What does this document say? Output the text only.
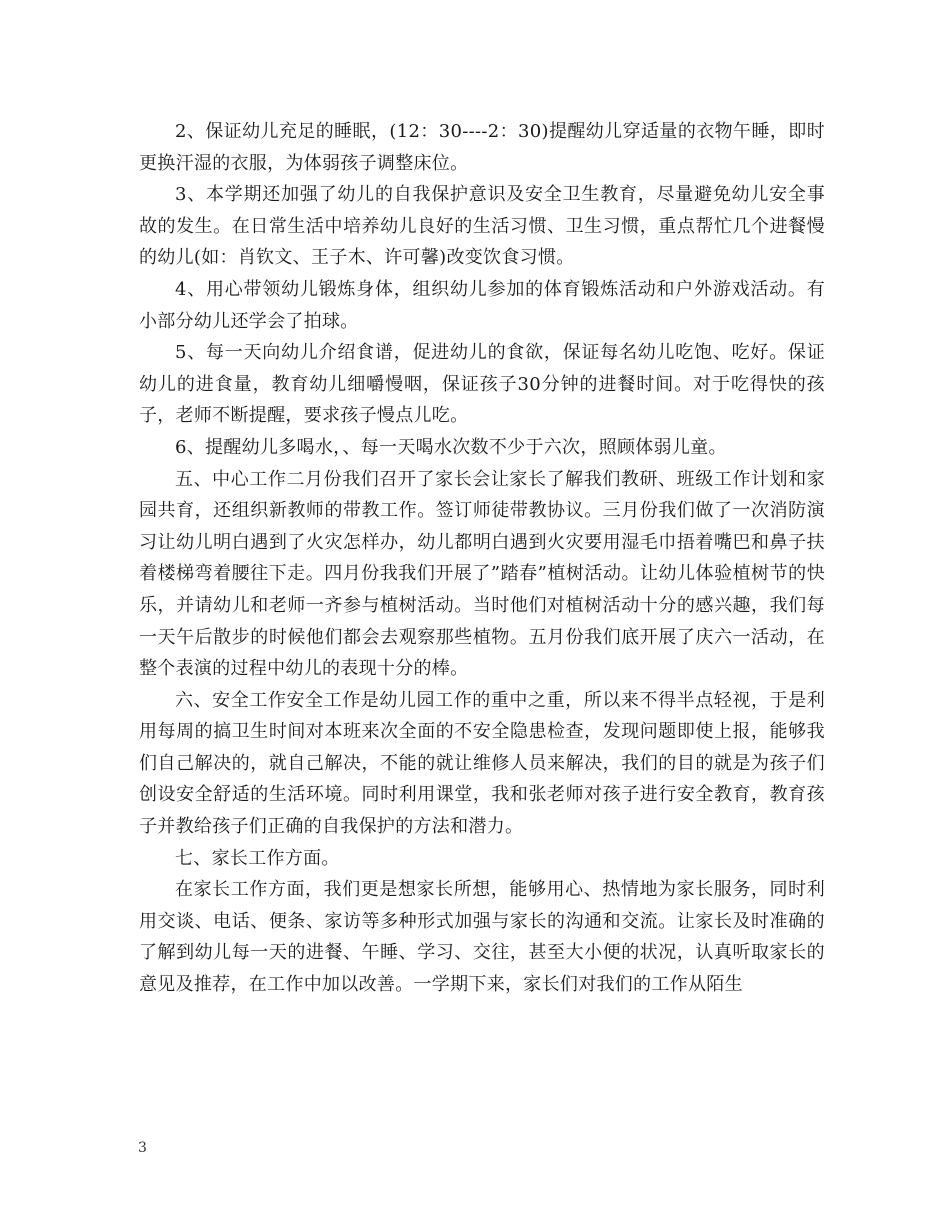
2、保证幼儿充足的睡眠，(12：30----2：30)提醒幼儿穿适量的衣物午睡，即时更换汗湿的衣服，为体弱孩子调整床位。

3、本学期还加强了幼儿的自我保护意识及安全卫生教育，尽量避免幼儿安全事故的发生。在日常生活中培养幼儿良好的生活习惯、卫生习惯，重点帮忙几个进餐慢的幼儿(如：肖钦文、王子木、许可馨)改变饮食习惯。

4、用心带领幼儿锻炼身体，组织幼儿参加的体育锻炼活动和户外游戏活动。有小部分幼儿还学会了拍球。

5、每一天向幼儿介绍食谱，促进幼儿的食欲，保证每名幼儿吃饱、吃好。保证幼儿的进食量，教育幼儿细嚼慢咽，保证孩子30分钟的进餐时间。对于吃得快的孩子，老师不断提醒，要求孩子慢点儿吃。

6、提醒幼儿多喝水，、每一天喝水次数不少于六次，照顾体弱儿童。

五、中心工作二月份我们召开了家长会让家长了解我们教研、班级工作计划和家园共育，还组织新教师的带教工作。签订师徒带教协议。三月份我们做了一次消防演习让幼儿明白遇到了火灾怎样办，幼儿都明白遇到火灾要用湿毛巾捂着嘴巴和鼻子扶着楼梯弯着腰往下走。四月份我我们开展了”踏春”植树活动。让幼儿体验植树节的快乐，并请幼儿和老师一齐参与植树活动。当时他们对植树活动十分的感兴趣，我们每一天午后散步的时候他们都会去观察那些植物。五月份我们底开展了庆六一活动，在整个表演的过程中幼儿的表现十分的棒。

六、安全工作安全工作是幼儿园工作的重中之重，所以来不得半点轻视，于是利用每周的搞卫生时间对本班来次全面的不安全隐患检查，发现问题即使上报，能够我们自己解决的，就自己解决，不能的就让维修人员来解决，我们的目的就是为孩子们创设安全舒适的生活环境。同时利用课堂，我和张老师对孩子进行安全教育，教育孩子并教给孩子们正确的自我保护的方法和潜力。

七、家长工作方面。

在家长工作方面，我们更是想家长所想，能够用心、热情地为家长服务，同时利用交谈、电话、便条、家访等多种形式加强与家长的沟通和交流。让家长及时准确的了解到幼儿每一天的进餐、午睡、学习、交往，甚至大小便的状况，认真听取家长的意见及推荐，在工作中加以改善。一学期下来，家长们对我们的工作从陌生

3
